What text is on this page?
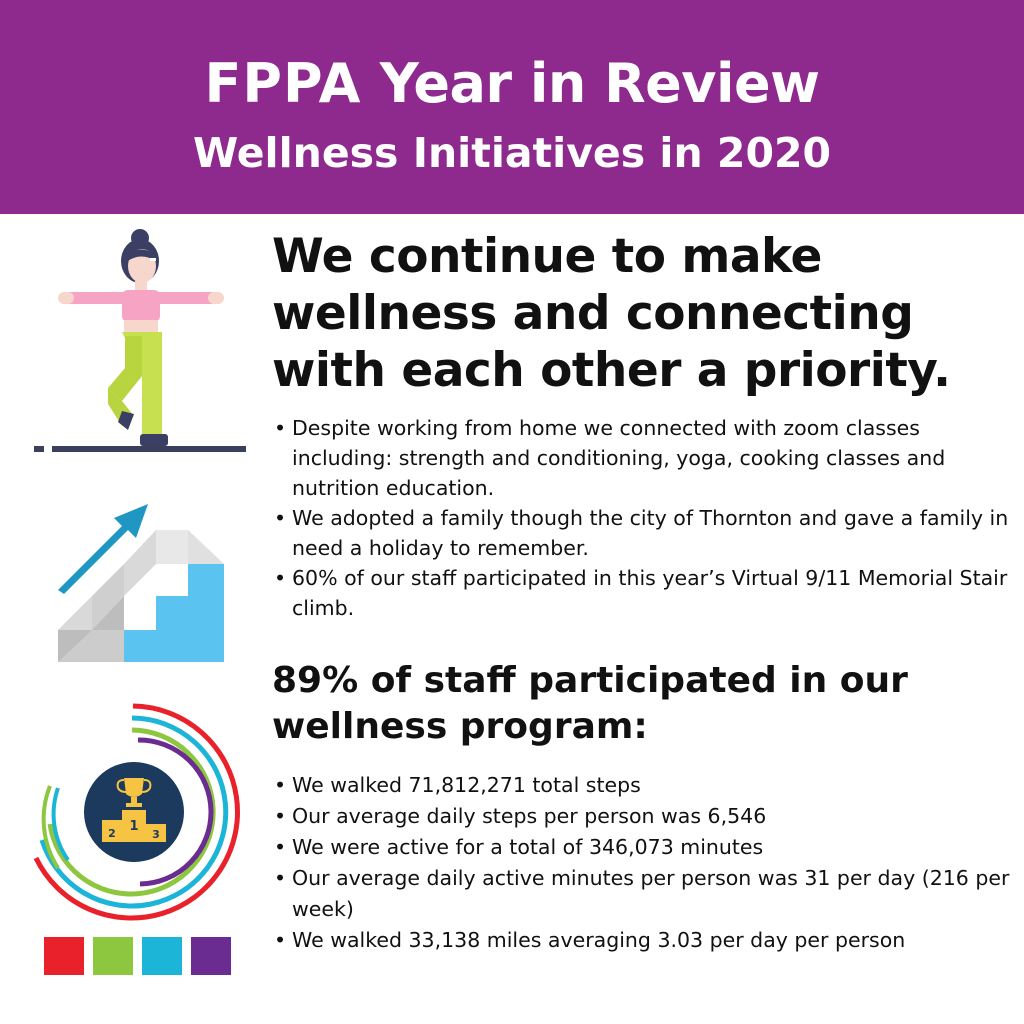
FPPA Year in Review
Wellness Initiatives in 2020
1
2	3
We continue to make wellness and connecting with each other a priority.
• Despite working from home we connected with zoom classes including: strength and conditioning, yoga, cooking classes and nutrition education.
• We adopted a family though the city of Thornton and gave a family in need a holiday to remember.
• 60% of our staff participated in this year’s Virtual 9/11 Memorial Stair climb.
89% of staff participated in our wellness program:
• We walked 71,812,271 total steps
• Our average daily steps per person was 6,546
• We were active for a total of 346,073 minutes
• Our average daily active minutes per person was 31 per day (216 per week)
• We walked 33,138 miles averaging 3.03 per day per person
